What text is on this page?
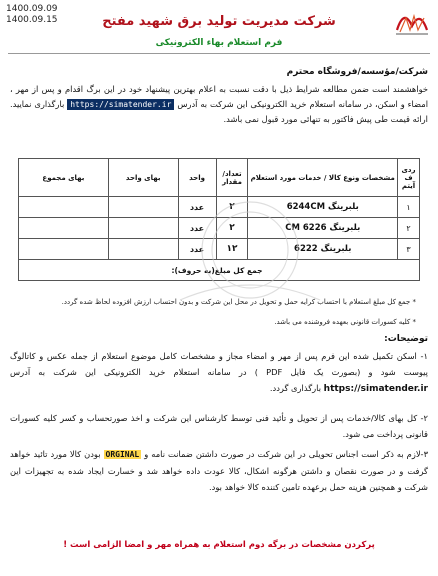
1400.09.09
1400.09.15	شرکت مدیریت تولید برق شهید مفتح
فرم استعلام بهاء الکترونیکی
شرکت/مؤسسه/فروشگاه محترم
خواهشمند است ضمن مطالعه شرایط ذیل با دقت نسبت به اعلام بهترین پیشنهاد خود در این برگ اقدام و پس از مهر ، امضاء و اسکن، در سامانه استعلام خرید الکترونیکی این شرکت به آدرس https://simatender.ir بارگذاری نمایید. ارائه قیمت طی پیش فاکتور به تنهائی مورد قبول نمی باشد.
ردی ف آیتم	مشخصات ونوع کالا / خدمات مورد استعلام	تعداد/ مقدار	واحد	بهای واحد	بهای مجموع
۱	بلبرینگ 6244CM	۲	عدد		
۲	بلبرینگ 6226 CM	۲	عدد		
۳	بلبرینگ 6222	۱۲	عدد		
جمع کل مبلغ(به حروف):					
* جمع کل مبلغ استعلام با احتساب کرایه حمل و تحویل در محل این شرکت و بدون احتساب ارزش افزوده لحاظ شده گردد.
* کلیه کسورات قانونی بعهده فروشنده می باشد.
توضیحات:
۱- اسکن تکمیل شده این فرم پس از مهر و امضاء مجاز و مشخصات کامل موضوع استعلام از جمله عکس و کاتالوگ پیوست شود و (بصورت یک فایل PDF ) در سامانه استعلام خرید الکترونیکی این شرکت به آدرس https://simatender.ir بارگذاری گردد.
۲- کل بهای کالا/خدمات پس از تحویل و تأئید فنی توسط کارشناس این شرکت و اخذ صورتحساب و کسر کلیه کسورات قانونی پرداخت می شود.
۳-لازم به ذکر است اجناس تحویلی در این شرکت در صورت داشتن ضمانت نامه و ORGINAL بودن کالا مورد تائید خواهد گرفت و در صورت نقصان و داشتن هرگونه اشکال، کالا عودت داده خواهد شد و خسارت ایجاد شده به تجهیزات این شرکت و همچنین هزینه حمل برعهده تامین کننده کالا خواهد بود.
پرکردن مشخصات در برگه دوم استعلام به همراه مهر و امضا الزامی است !
